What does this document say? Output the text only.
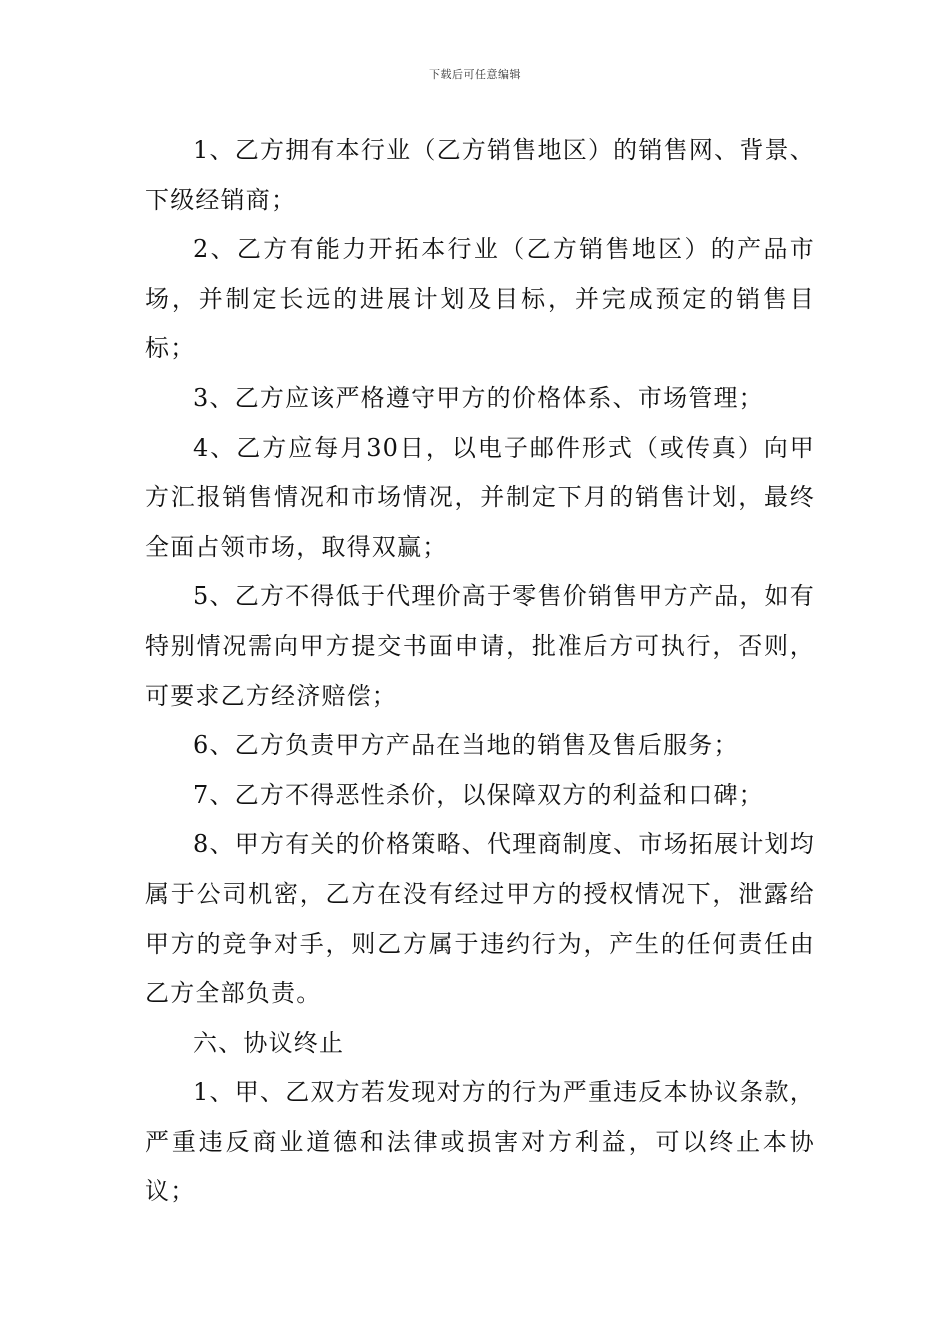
下载后可任意编辑

1、乙方拥有本行业（乙方销售地区）的销售网、背景、下级经销商；

2、乙方有能力开拓本行业（乙方销售地区）的产品市场，并制定长远的进展计划及目标，并完成预定的销售目标；

3、乙方应该严格遵守甲方的价格体系、市场管理；

4、乙方应每月30日，以电子邮件形式（或传真）向甲方汇报销售情况和市场情况，并制定下月的销售计划，最终全面占领市场，取得双赢；

5、乙方不得低于代理价高于零售价销售甲方产品，如有特别情况需向甲方提交书面申请，批准后方可执行，否则，可要求乙方经济赔偿；

6、乙方负责甲方产品在当地的销售及售后服务；

7、乙方不得恶性杀价，以保障双方的利益和口碑；

8、甲方有关的价格策略、代理商制度、市场拓展计划均属于公司机密，乙方在没有经过甲方的授权情况下，泄露给甲方的竞争对手，则乙方属于违约行为，产生的任何责任由乙方全部负责。

六、协议终止

1、甲、乙双方若发现对方的行为严重违反本协议条款，严重违反商业道德和法律或损害对方利益，可以终止本协议；
